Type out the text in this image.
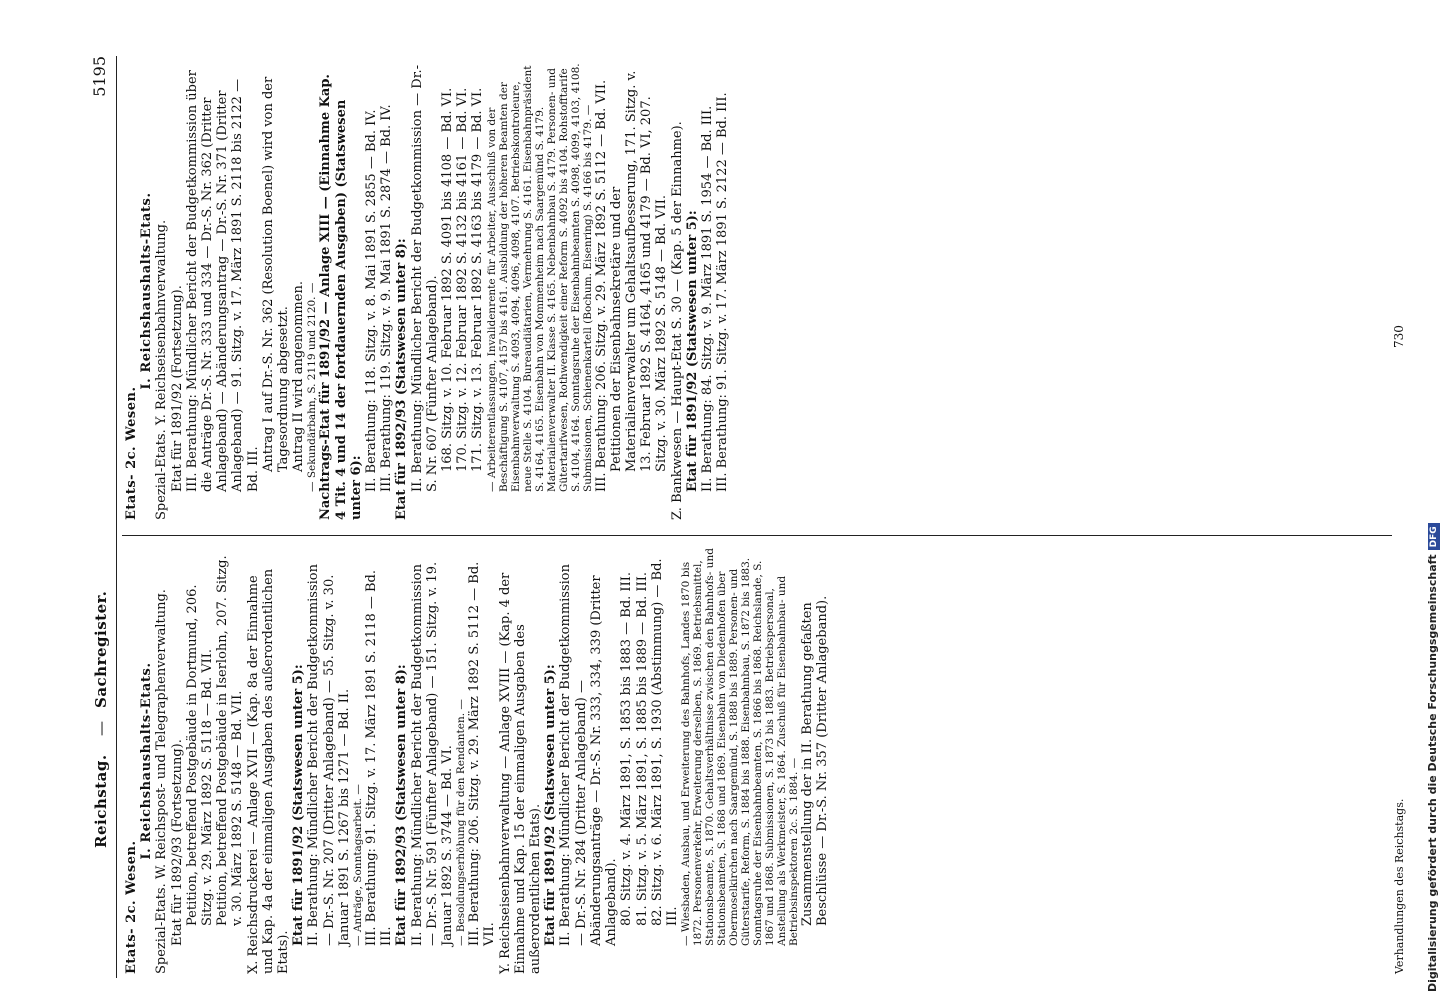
Reichstag.
—
Sachregister.
5195

Etats- 2c. Wesen.

I. Reichshaushalts-Etats. Spezial-Etats. W. Reichspost- und Telegraphenverwaltung. Etat für 1892/93 (Fortsetzung). Petition, betreffend Postgebäude in Dortmund, 206. Sitzg. v. 29. März 1892 S. 5118 — Bd. VII. Petition, betreffend Postgebäude in Iserlohn, 207. Sitzg. v. 30. März 1892 S. 5148 — Bd. VII. X. Reichsdruckerei — Anlage XVII — (Kap. 8a der Einnahme und Kap. 4a der einmaligen Ausgaben des außerordentlichen Etats).

Etat für 1891/92 (Statswesen unter 5): II. Berathung: Mündlicher Bericht der Budgetkommission — Dr.-S. Nr. 207 (Dritter Anlageband) — 55. Sitzg. v. 30. Januar 1891 S. 1267 bis 1271 — Bd. II. — Anträge, Sonntagsarbeit. — III. Berathung: 91. Sitzg. v. 17. März 1891 S. 2118 — Bd. III. Etat für 1892/93 (Statswesen unter 8): II. Berathung: Mündlicher Bericht der Budgetkommission — Dr.-S. Nr. 591 (Fünfter Anlageband) — 151. Sitzg. v. 19. Januar 1892 S. 3744 — Bd. VI. — Besoldungserhöhung für den Rendanten. — III. Berathung: 206. Sitzg. v. 29. März 1892 S. 5112 — Bd. VII. Y. Reichseisenbahnverwaltung — Anlage XVIII — (Kap. 4 der Einnahme und Kap. 15 der einmaligen Ausgaben des außerordentlichen Etats). Etat für 1891/92 (Statswesen unter 5): II. Berathung: Mündlicher Bericht der Budgetkommission — Dr.-S. Nr. 284 (Dritter Anlageband) — Abänderungsanträge — Dr.-S. Nr. 333, 334, 339 (Dritter Anlageband). 80. Sitzg. v. 4. März 1891, S. 1853 bis 1883 — Bd. III. 81. Sitzg. v. 5. März 1891, S. 1885 bis 1889 — Bd. III. 82. Sitzg. v. 6. März 1891, S. 1930 (Abstimmung) — Bd. III. — Wiesbaden, Ausbau, und Erweiterung des Bahnhofs, Landes 1870 bis 1872. Personenverkehr, Erweiterung derselben, S. 1869. Betriebsmittel, Stationsbeamte, S. 1870. Gehaltsverhältnisse zwischen den Bahnhofs- und Stationsbeamten, S. 1868 und 1869. Eisenbahn von Diedenhofen über Obermoselkirchen nach Saargemünd, S. 1888 bis 1889. Personen- und Güterstarife, Reform, S. 1884 bis 1888. Eisenbahnbau, S. 1872 bis 1883. Sonntagsruhe der Eisenbahnbeamten, S. 1866 bis 1868. Reichslande, S. 1867 und 1868. Submissionen, S. 1873 bis 1883. Betriebspersonal, Anstellung als Werkmeister, S. 1864. Zuschuß für Eisenbahnbau- und Betriebsinspektoren 2c. S. 1884. — Zusammenstellung der in II. Berathung gefaßten Beschlüsse — Dr.-S. Nr. 357 (Dritter Anlageband).

Etats- 2c. Wesen.

I. Reichshaushalts-Etats. Spezial-Etats. Y. Reichseisenbahnverwaltung. Etat für 1891/92 (Fortsetzung). III. Berathung: Mündlicher Bericht der Budgetkommission über die Anträge Dr.-S. Nr. 333 und 334 — Dr.-S. Nr. 362 (Dritter Anlageband) — Abänderungsantrag — Dr.-S. Nr. 371 (Dritter Anlageband) — 91. Sitzg. v. 17. März 1891 S. 2118 bis 2122 — Bd. III. Antrag I auf Dr.-S. Nr. 362 (Resolution Boenel) wird von der Tagesordnung abgesetzt. Antrag II wird angenommen. — Sekundärbahn, S. 2119 und 2120. — Nachtrags-Etat für 1891/92 — Anlage XIII — (Einnahme Kap. 4 Tit. 4 und 14 der fortdauernden Ausgaben) (Statswesen unter 6): II. Berathung: 118. Sitzg. v. 8. Mai 1891 S. 2855 — Bd. IV. III. Berathung: 119. Sitzg. v. 9. Mai 1891 S. 2874 — Bd. IV. Etat für 1892/93 (Statswesen unter 8): II. Berathung: Mündlicher Bericht der Budgetkommission — Dr.-S. Nr. 607 (Fünfter Anlageband). 168. Sitzg. v. 10. Februar 1892 S. 4091 bis 4108 — Bd. VI. 170. Sitzg. v. 12. Februar 1892 S. 4132 bis 4161 — Bd. VI. 171. Sitzg. v. 13. Februar 1892 S. 4163 bis 4179 — Bd. VI. — Arbeiterentlassungen, Invalidenrente für Arbeiter, Ausschluß von der Beschäftigung S. 4107, 4157 bis 4161. Ausbildung der höheren Beamten der Eisenbahnverwaltung S. 4093, 4094, 4096, 4098, 4107. Betriebskontroleure, neue Stelle S. 4104. Bureaudiätarien, Vermehrung S. 4161. Eisenbahnpräsident S. 4164, 4165. Eisenbahn von Mommenheim nach Saargemünd S. 4179. Materialienverwalter II. Klasse S. 4165. Nebenbahnbau S. 4179. Personen- und Gütertarifwesen, Rothwendigkeit einer Reform S. 4092 bis 4104. Rohstofftarife S. 4104, 4164. Sonntagsruhe der Eisenbahnbeamten S. 4098, 4099, 4103, 4108. Submissionen, Schienenkartell (Bochum. Eisenring) S. 4166 bis 4179. — III. Berathung: 206. Sitzg. v. 29. März 1892 S. 5112 — Bd. VII. Petitionen der Eisenbahnsekretäre und der Materialienverwalter um Gehaltsaufbesserung, 171. Sitzg. v. 13. Februar 1892 S. 4164, 4165 und 4179 — Bd. VI, 207. Sitzg. v. 30. März 1892 S. 5148 — Bd. VII. Z. Bankwesen — Haupt-Etat S. 30 — (Kap. 5 der Einnahme). Etat für 1891/92 (Statswesen unter 5): II. Berathung: 84. Sitzg. v. 9. März 1891 S. 1954 — Bd. III. III. Berathung: 91. Sitzg. v. 17. März 1891 S. 2122 — Bd. III.

Verhandlungen des Reichstags.
730
Digitalisierung gefördert durch die Deutsche ForschungsgemeinschaftDFG
